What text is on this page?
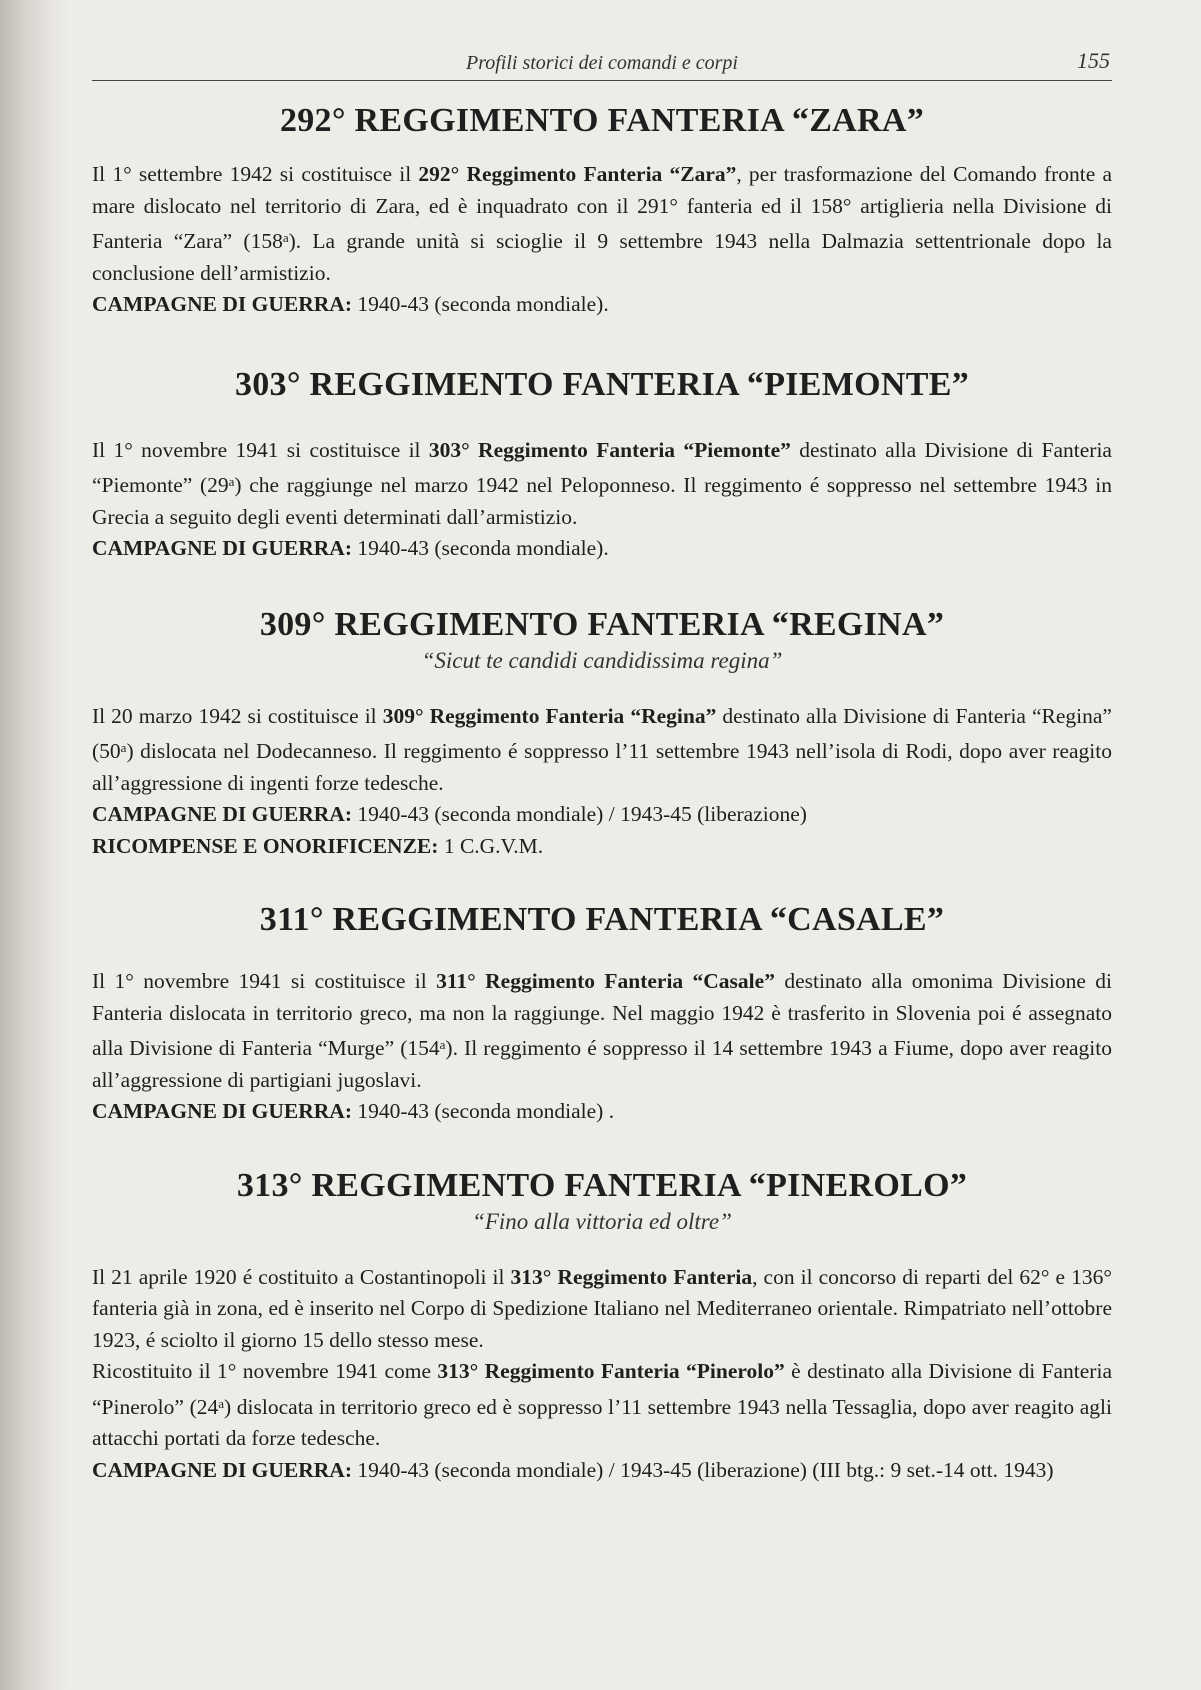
Profili storici dei comandi e corpi	155
292° REGGIMENTO FANTERIA “ZARA”
Il 1° settembre 1942 si costituisce il 292° Reggimento Fanteria “Zara”, per trasformazione del Comando fronte a mare dislocato nel territorio di Zara, ed è inquadrato con il 291° fanteria ed il 158° artiglieria nella Divisione di Fanteria “Zara” (158$^a$). La grande unità si scioglie il 9 settembre 1943 nella Dalmazia settentrionale dopo la conclusione dell’armistizio.
CAMPAGNE DI GUERRA: 1940-43 (seconda mondiale).
303° REGGIMENTO FANTERIA “PIEMONTE”
Il 1° novembre 1941 si costituisce il 303° Reggimento Fanteria “Piemonte” destinato alla Divisione di Fanteria “Piemonte” (29$^a$) che raggiunge nel marzo 1942 nel Peloponneso. Il reggimento é soppresso nel settembre 1943 in Grecia a seguito degli eventi determinati dall’armistizio.
CAMPAGNE DI GUERRA: 1940-43 (seconda mondiale).
309° REGGIMENTO FANTERIA “REGINA”
“Sicut te candidi candidissima regina”
Il 20 marzo 1942 si costituisce il 309° Reggimento Fanteria “Regina” destinato alla Divisione di Fanteria “Regina” (50$^a$) dislocata nel Dodecanneso. Il reggimento é soppresso l’11 settembre 1943 nell’isola di Rodi, dopo aver reagito all’aggressione di ingenti forze tedesche.
CAMPAGNE DI GUERRA: 1940-43 (seconda mondiale) / 1943-45 (liberazione)
RICOMPENSE E ONORIFICENZE: 1 C.G.V.M.
311° REGGIMENTO FANTERIA “CASALE”
Il 1° novembre 1941 si costituisce il 311° Reggimento Fanteria “Casale” destinato alla omonima Divisione di Fanteria dislocata in territorio greco, ma non la raggiunge. Nel maggio 1942 è trasferito in Slovenia poi é assegnato alla Divisione di Fanteria “Murge” (154$^a$). Il reggimento é soppresso il 14 settembre 1943 a Fiume, dopo aver reagito all’aggressione di partigiani jugoslavi.
CAMPAGNE DI GUERRA: 1940-43 (seconda mondiale) .
313° REGGIMENTO FANTERIA “PINEROLO”
“Fino alla vittoria ed oltre”
Il 21 aprile 1920 é costituito a Costantinopoli il 313° Reggimento Fanteria, con il concorso di reparti del 62° e 136° fanteria già in zona, ed è inserito nel Corpo di Spedizione Italiano nel Mediterraneo orientale. Rimpatriato nell’ottobre 1923, é sciolto il giorno 15 dello stesso mese.
Ricostituito il 1° novembre 1941 come 313° Reggimento Fanteria “Pinerolo” è destinato alla Divisione di Fanteria “Pinerolo” (24$^a$) dislocata in territorio greco ed è soppresso l’11 settembre 1943 nella Tessaglia, dopo aver reagito agli attacchi portati da forze tedesche.
CAMPAGNE DI GUERRA: 1940-43 (seconda mondiale) / 1943-45 (liberazione) (III btg.: 9 set.-14 ott. 1943)
